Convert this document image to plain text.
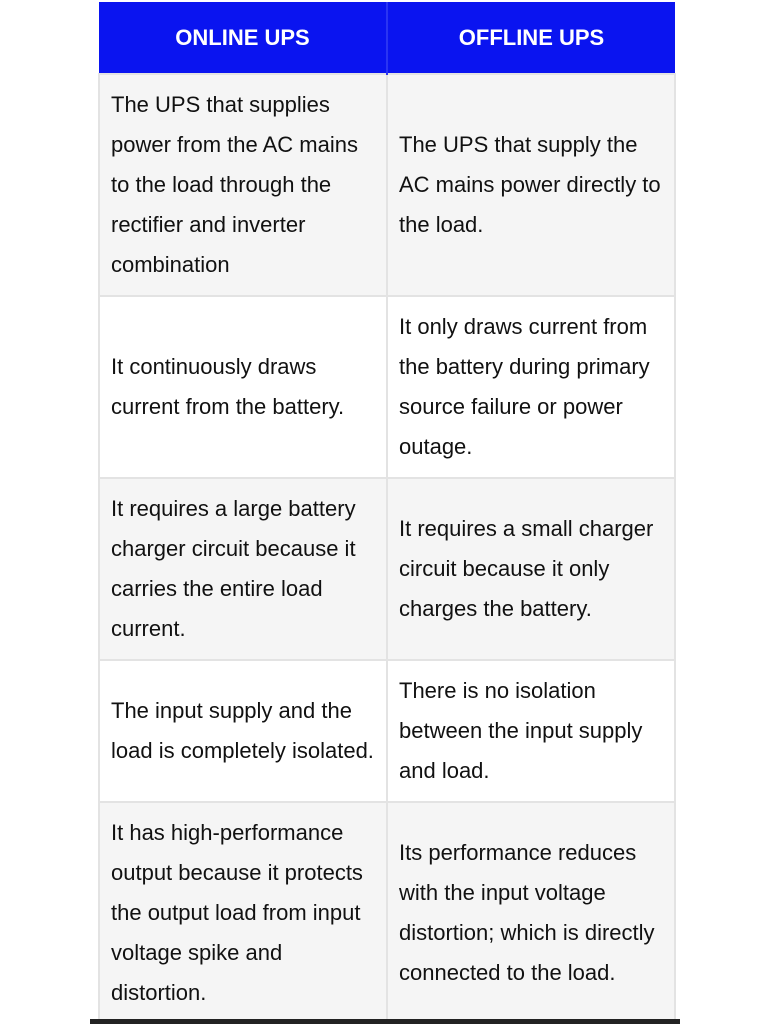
ONLINE UPS	OFFLINE UPS
The UPS that supplies power from the AC mains to the load through the rectifier and inverter combination	The UPS that supply the AC mains power directly to the load.
It continuously draws current from the battery.	It only draws current from the battery during primary source failure or power outage.
It requires a large battery charger circuit because it carries the entire load current.	It requires a small charger circuit because it only charges the battery.
The input supply and the load is completely isolated.	There is no isolation between the input supply and load.
It has high-performance output because it protects the output load from input voltage spike and distortion.	Its performance reduces with the input voltage distortion; which is directly connected to the load.
